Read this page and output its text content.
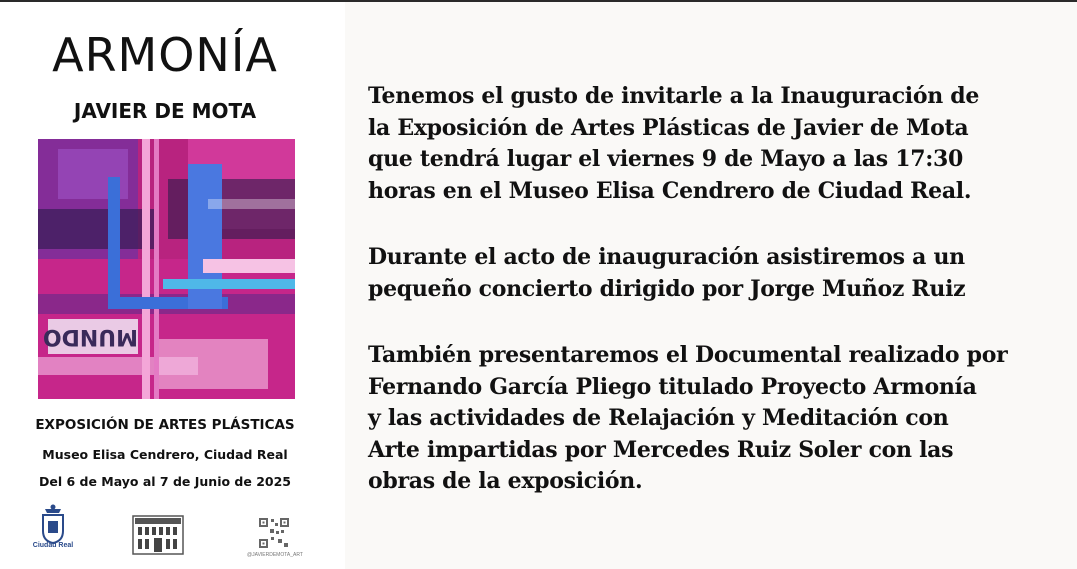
ARMONÍA
JAVIER DE MOTA
MUNDO
EXPOSICIÓN DE ARTES PLÁSTICAS
Museo Elisa Cendrero, Ciudad Real
Del 6 de Mayo al 7 de Junio de 2025
Ciudad Real
@JAVIERDEMOTA_ART
Tenemos el gusto de invitarle a la Inauguración de
la Exposición de Artes Plásticas de Javier de Mota
que tendrá lugar el viernes 9 de Mayo a las 17:30
horas en el Museo Elisa Cendrero de Ciudad Real.
Durante el acto de inauguración asistiremos a un
pequeño concierto dirigido por Jorge Muñoz Ruiz
También presentaremos el Documental realizado por
Fernando García Pliego titulado Proyecto Armonía
y las actividades de Relajación y Meditación con
Arte impartidas por Mercedes Ruiz Soler con las
obras de la exposición.
